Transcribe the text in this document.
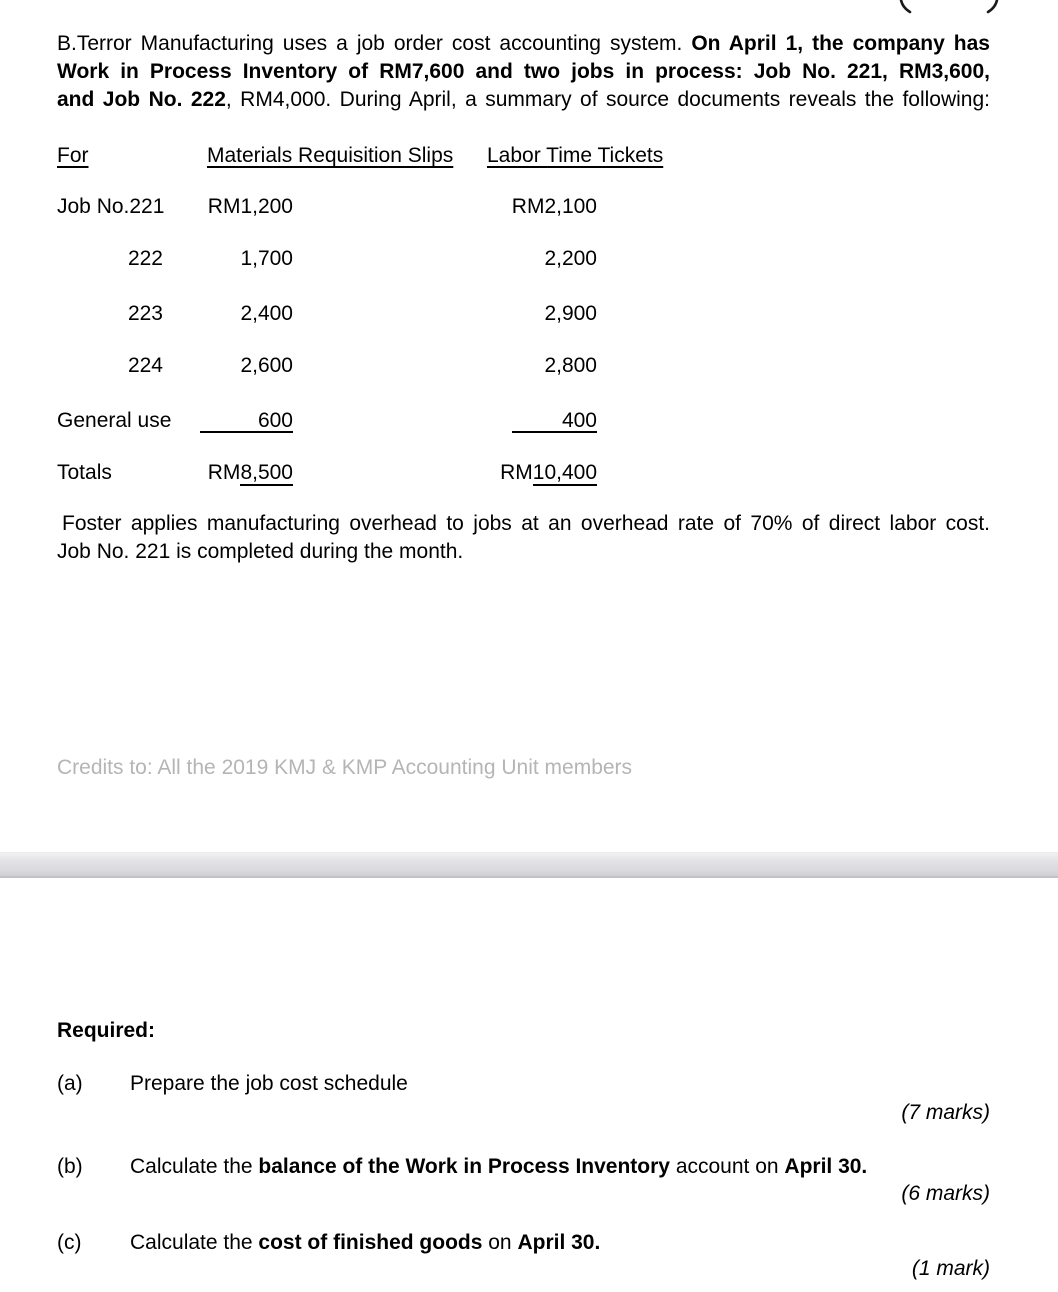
B.Terror Manufacturing uses a job order cost accounting system. On April 1, the company has
Work in Process Inventory of RM7,600 and two jobs in process: Job No. 221, RM3,600,
and Job No. 222, RM4,000. During April, a summary of source documents reveals the following:
For	Materials Requisition Slips Labor Time Tickets
Job No.221	RM1,200	RM2,100
222	1,700	2,200
223	2,400	2,900
224	2,600	2,800
General use	600	400
Totals	RM8,500	RM10,400
Foster applies manufacturing overhead to jobs at an overhead rate of 70% of direct labor cost.
Job No. 221 is completed during the month.
Credits to: All the 2019 KMJ & KMP Accounting Unit members
Required:
(a) Prepare the job cost schedule
(7 marks)
(b) Calculate the balance of the Work in Process Inventory account on April 30.
(6 marks)
(c) Calculate the cost of finished goods on April 30.
(1 mark)
